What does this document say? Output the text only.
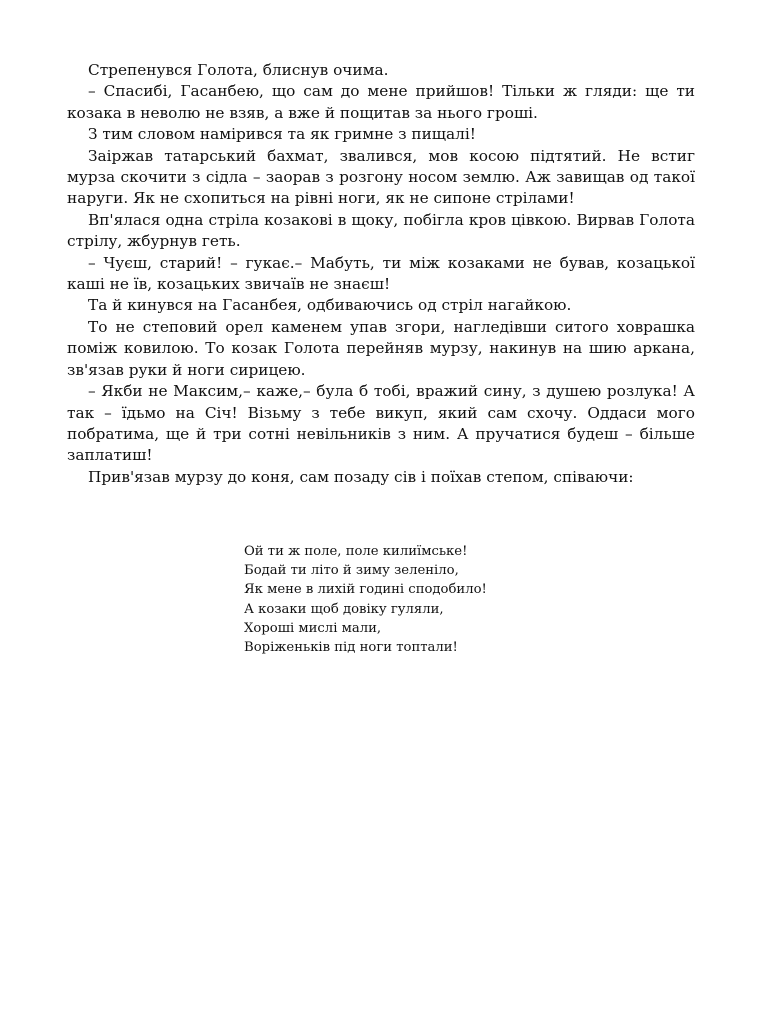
Стрепенувся Голота, блиснув очима.

– Спасибі, Гасанбею, що сам до мене прийшов! Тільки ж гляди: ще ти козака в неволю не взяв, а вже й пощитав за нього гроші.

З тим словом намірився та як гримне з пищалі!

Заіржав татарський бахмат, звалився, мов косою підтятий. Не встиг мурза скочити з сідла – заорав з розгону носом землю. Аж завищав од такої наруги. Як не схопиться на рівні ноги, як не сипоне стрілами!

Вп'ялася одна стріла козакові в щоку, побігла кров цівкою. Вирвав Голота стрілу, жбурнув геть.

– Чуєш, старий! – гукає.– Мабуть, ти між козаками не бував, козацької каші не їв, козацьких звичаїв не знаєш!

Та й кинувся на Гасанбея, одбиваючись од стріл нагайкою.

То не степовий орел каменем упав згори, нагледівши ситого ховрашка поміж ковилою. То козак Голота перейняв мурзу, накинув на шию аркана, зв'язав руки й ноги сирицею.

– Якби не Максим,– каже,– була б тобі, вражий сину, з душею розлука! А так – їдьмо на Січ! Візьму з тебе викуп, який сам схочу. Оддаси мого побратима, ще й три сотні невільників з ним. А пручатися будеш – більше заплатиш!

Прив'язав мурзу до коня, сам позаду сів і поїхав степом, співаючи:

Ой ти ж поле, поле килиїмське!
Бодай ти літо й зиму зеленіло,
Як мене в лихій годині сподобило!
А козаки щоб довіку гуляли,
Хороші мислі мали,
Воріженьків під ноги топтали!
